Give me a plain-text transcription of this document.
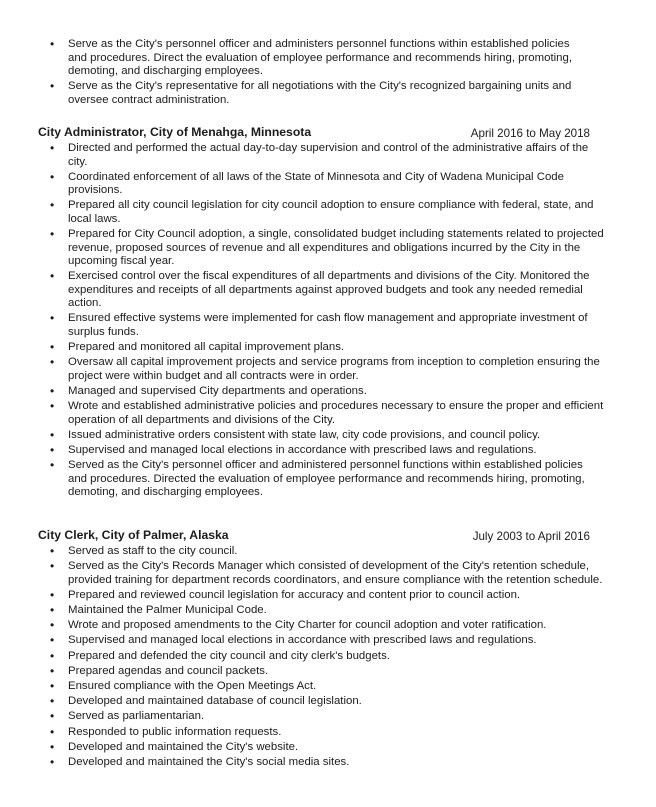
• Serve as the City's personnel officer and administers personnel functions within established policies and procedures. Direct the evaluation of employee performance and recommends hiring, promoting, demoting, and discharging employees.
• Serve as the City's representative for all negotiations with the City's recognized bargaining units and oversee contract administration.
City Administrator, City of Menahga, Minnesota	April 2016 to May 2018
• Directed and performed the actual day-to-day supervision and control of the administrative affairs of the city.
• Coordinated enforcement of all laws of the State of Minnesota and City of Wadena Municipal Code provisions.
• Prepared all city council legislation for city council adoption to ensure compliance with federal, state, and local laws.
• Prepared for City Council adoption, a single, consolidated budget including statements related to projected revenue, proposed sources of revenue and all expenditures and obligations incurred by the City in the upcoming fiscal year.
• Exercised control over the fiscal expenditures of all departments and divisions of the City. Monitored the expenditures and receipts of all departments against approved budgets and took any needed remedial action.
• Ensured effective systems were implemented for cash flow management and appropriate investment of surplus funds.
• Prepared and monitored all capital improvement plans.
• Oversaw all capital improvement projects and service programs from inception to completion ensuring the project were within budget and all contracts were in order.
• Managed and supervised City departments and operations.
• Wrote and established administrative policies and procedures necessary to ensure the proper and efficient operation of all departments and divisions of the City.
• Issued administrative orders consistent with state law, city code provisions, and council policy.
• Supervised and managed local elections in accordance with prescribed laws and regulations.
• Served as the City's personnel officer and administered personnel functions within established policies and procedures. Directed the evaluation of employee performance and recommends hiring, promoting, demoting, and discharging employees.
City Clerk, City of Palmer, Alaska	July 2003 to April 2016
• Served as staff to the city council.
• Served as the City's Records Manager which consisted of development of the City's retention schedule, provided training for department records coordinators, and ensure compliance with the retention schedule.
• Prepared and reviewed council legislation for accuracy and content prior to council action.
• Maintained the Palmer Municipal Code.
• Wrote and proposed amendments to the City Charter for council adoption and voter ratification.
• Supervised and managed local elections in accordance with prescribed laws and regulations.
• Prepared and defended the city council and city clerk's budgets.
• Prepared agendas and council packets.
• Ensured compliance with the Open Meetings Act.
• Developed and maintained database of council legislation.
• Served as parliamentarian.
• Responded to public information requests.
• Developed and maintained the City's website.
• Developed and maintained the City's social media sites.
